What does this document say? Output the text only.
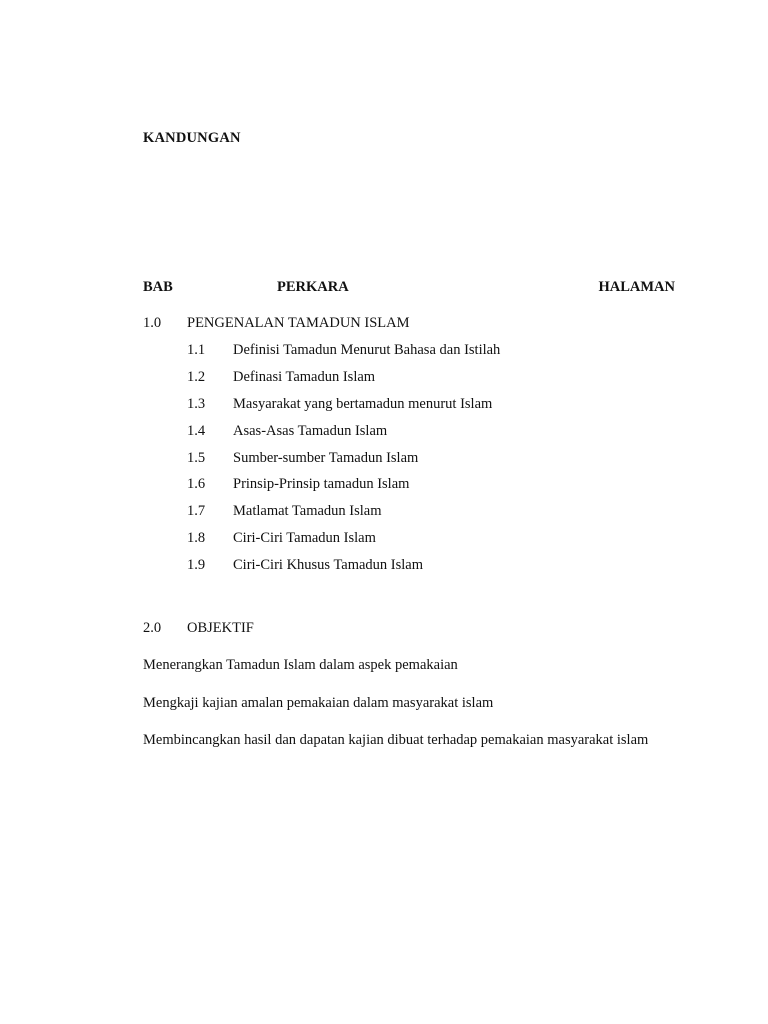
KANDUNGAN
BAB	PERKARA	HALAMAN
1.0 PENGENALAN TAMADUN ISLAM
1.1 Definisi Tamadun Menurut Bahasa dan Istilah
1.2 Definasi Tamadun Islam
1.3 Masyarakat yang bertamadun menurut Islam
1.4 Asas-Asas Tamadun Islam
1.5 Sumber-sumber Tamadun Islam
1.6 Prinsip-Prinsip tamadun Islam
1.7 Matlamat Tamadun Islam
1.8 Ciri-Ciri Tamadun Islam
1.9 Ciri-Ciri Khusus Tamadun Islam
2.0 OBJEKTIF
Menerangkan Tamadun Islam dalam aspek pemakaian
Mengkaji kajian amalan pemakaian dalam masyarakat islam
Membincangkan hasil dan dapatan kajian dibuat terhadap pemakaian masyarakat islam
